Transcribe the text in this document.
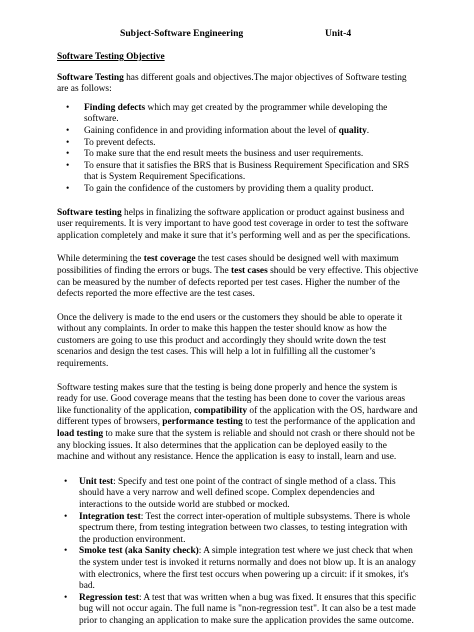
Subject-Software Engineering	Unit-4
Software Testing Objective

Software Testing has different goals and objectives.The major objectives of Software testing are as follows:

• Finding defects which may get created by the programmer while developing the software.
• Gaining confidence in and providing information about the level of quality.
• To prevent defects.
• To make sure that the end result meets the business and user requirements.
• To ensure that it satisfies the BRS that is Business Requirement Specification and SRS that is System Requirement Specifications.
• To gain the confidence of the customers by providing them a quality product.

Software testing helps in finalizing the software application or product against business and user requirements. It is very important to have good test coverage in order to test the software application completely and make it sure that it’s performing well and as per the specifications.

While determining the test coverage the test cases should be designed well with maximum possibilities of finding the errors or bugs. The test cases should be very effective. This objective can be measured by the number of defects reported per test cases. Higher the number of the defects reported the more effective are the test cases.

Once the delivery is made to the end users or the customers they should be able to operate it without any complaints. In order to make this happen the tester should know as how the customers are going to use this product and accordingly they should write down the test scenarios and design the test cases. This will help a lot in fulfilling all the customer’s requirements.

Software testing makes sure that the testing is being done properly and hence the system is ready for use. Good coverage means that the testing has been done to cover the various areas like functionality of the application, compatibility of the application with the OS, hardware and different types of browsers, performance testing to test the performance of the application and load testing to make sure that the system is reliable and should not crash or there should not be any blocking issues. It also determines that the application can be deployed easily to the machine and without any resistance. Hence the application is easy to install, learn and use.

• Unit test: Specify and test one point of the contract of single method of a class. This should have a very narrow and well defined scope. Complex dependencies and interactions to the outside world are stubbed or mocked.
• Integration test: Test the correct inter-operation of multiple subsystems. There is whole spectrum there, from testing integration between two classes, to testing integration with the production environment.
• Smoke test (aka Sanity check): A simple integration test where we just check that when the system under test is invoked it returns normally and does not blow up. It is an analogy with electronics, where the first test occurs when powering up a circuit: if it smokes, it's bad.
• Regression test: A test that was written when a bug was fixed. It ensures that this specific bug will not occur again. The full name is "non-regression test". It can also be a test made prior to changing an application to make sure the application provides the same outcome.
